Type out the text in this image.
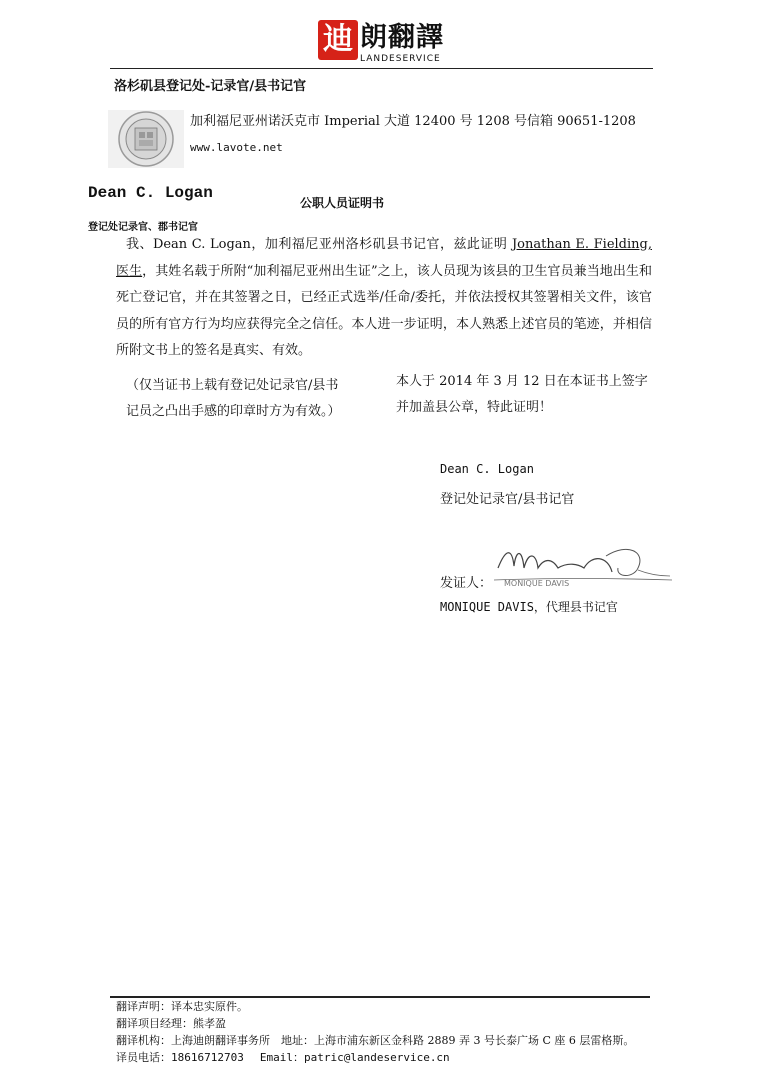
迪 朗翻譯
LANDESERVICE
洛杉矶县登记处-记录官/县书记官
加利福尼亚州诺沃克市 Imperial 大道 12400 号 1208 号信箱 90651-1208
www.lavote.net
Dean C. Logan
公职人员证明书
登记处记录官、郡书记官
我、Dean C. Logan，加利福尼亚州洛杉矶县书记官，兹此证明 Jonathan E. Fielding, 医生，其姓名载于所附“加利福尼亚州出生证”之上，该人员现为该县的卫生官员兼当地出生和死亡登记官，并在其签署之日，已经正式选举/任命/委托，并依法授权其签署相关文件，该官员的所有官方行为均应获得完全之信任。本人进一步证明，本人熟悉上述官员的笔迹，并相信所附文书上的签名是真实、有效。
（仅当证书上载有登记处记录官/县书记员之凸出手感的印章时方为有效。）
本人于 2014 年 3 月 12 日在本证书上签字并加盖县公章，特此证明！
Dean C. Logan
登记处记录官/县书记官
MONIQUE DAVIS
发证人：
MONIQUE DAVIS，代理县书记官
翻译声明：译本忠实原件。
翻译项目经理：熊孝盈
翻译机构：上海迪朗翻译事务所　地址：上海市浦东新区金科路 2889 弄 3 号长泰广场 C 座 6 层雷格斯。
译员电话：18616712703 Email：patric@landeservice.cn
